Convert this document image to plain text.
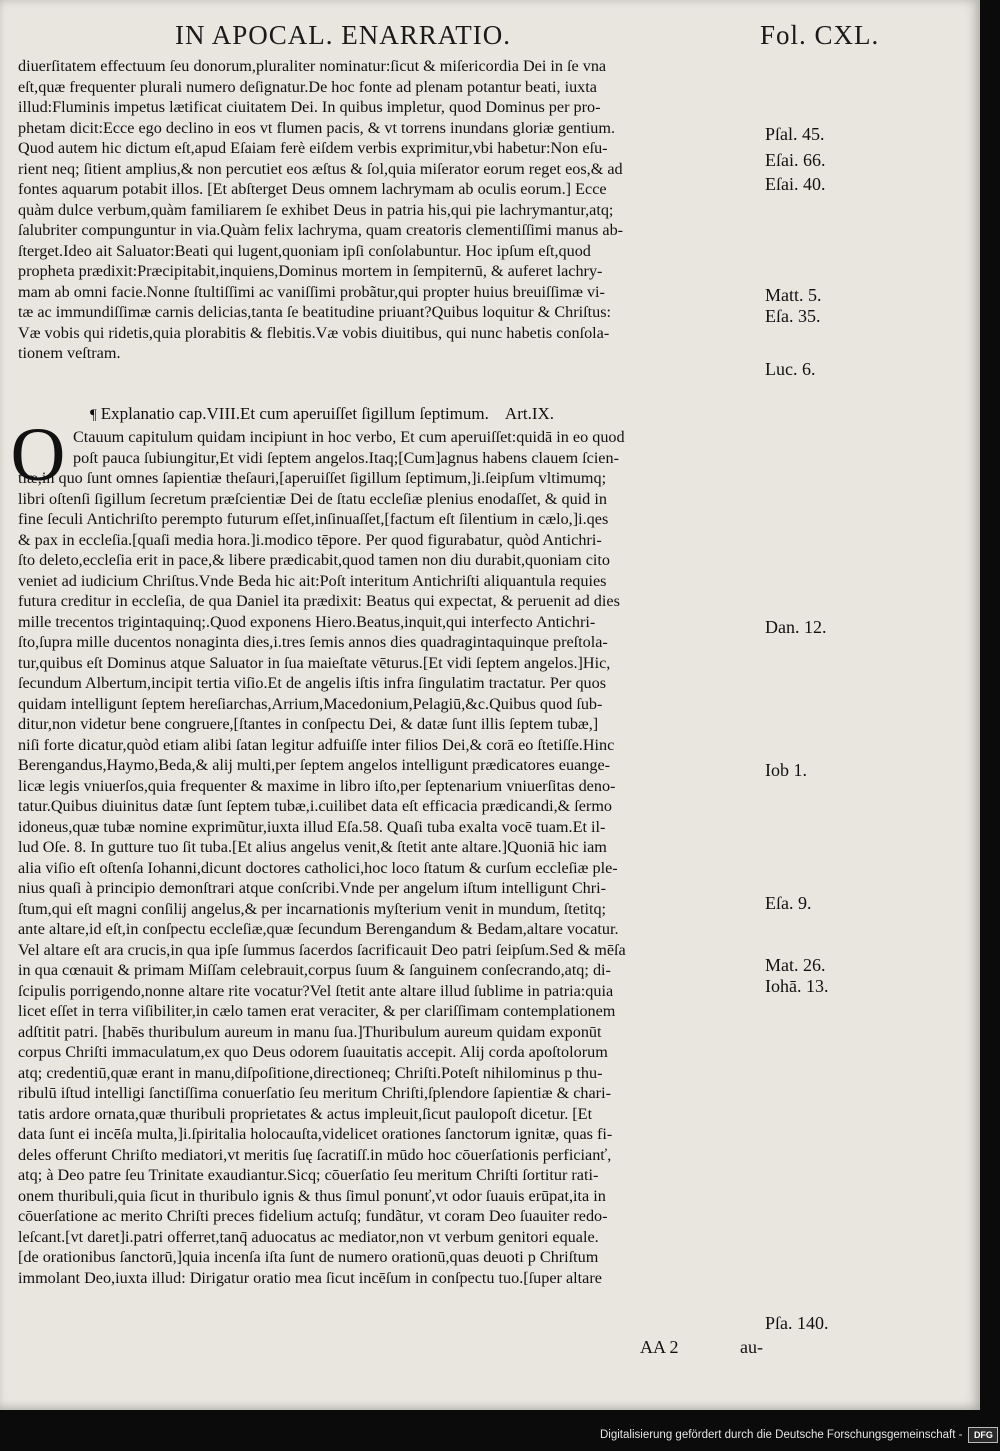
IN APOCAL. ENARRATIO.	Fol. CXL.
diuerſitatem effectuum ſeu donorum,pluraliter nominatur:ſicut & miſericordia Dei in ſe vna
eſt,quæ frequenter plurali numero deſignatur.De hoc fonte ad plenam potantur beati, iuxta
illud:Fluminis impetus lætificat ciuitatem Dei. In quibus impletur, quod Dominus per pro-
phetam dicit:Ecce ego declino in eos vt flumen pacis, & vt torrens inundans gloriæ gentium.
Quod autem hic dictum eſt,apud Eſaiam ferè eiſdem verbis exprimitur,vbi habetur:Non eſu-
rient neq; ſitient amplius,& non percutiet eos æſtus & ſol,quia miſerator eorum reget eos,& ad
fontes aquarum potabit illos. [Et abſterget Deus omnem lachrymam ab oculis eorum.] Ecce
quàm dulce verbum,quàm familiarem ſe exhibet Deus in patria his,qui pie lachrymantur,atq;
ſalubriter compunguntur in via.Quàm felix lachryma, quam creatoris clementiſſimi manus ab-
ſterget.Ideo ait Saluator:Beati qui lugent,quoniam ipſi conſolabuntur. Hoc ipſum eſt,quod
propheta prædixit:Præcipitabit,inquiens,Dominus mortem in ſempiternū, & auferet lachry-
mam ab omni facie.Nonne ſtultiſſimi ac vaniſſimi probãtur,qui propter huius breuiſſimæ vi-
tæ ac immundiſſimæ carnis delicias,tanta ſe beatitudine priuant?Quibus loquitur & Chriſtus:
Væ vobis qui ridetis,quia plorabitis & flebitis.Væ vobis diuitibus, qui nunc habetis conſola-
tionem veſtram.
¶ Explanatio cap.VIII.Et cum aperuiſſet ſigillum ſeptimum.    Art.IX.
O Ctauum capitulum quidam incipiunt in hoc verbo, Et cum aperuiſſet:quidā in eo quod
poſt pauca ſubiungitur,Et vidi ſeptem angelos.Itaq;[Cum]agnus habens clauem ſcien-
tiæ,in quo ſunt omnes ſapientiæ theſauri,[aperuiſſet ſigillum ſeptimum,]i.ſeipſum vltimumq;
libri oſtenſi ſigillum ſecretum præſcientiæ Dei de ſtatu eccleſiæ plenius enodaſſet, & quid in
fine ſeculi Antichriſto perempto futurum eſſet,inſinuaſſet,[factum eſt ſilentium in cælo,]i.qes
& pax in eccleſia.[quaſi media hora.]i.modico tēpore. Per quod figurabatur, quòd Antichri-
ſto deleto,eccleſia erit in pace,& libere prædicabit,quod tamen non diu durabit,quoniam cito
veniet ad iudicium Chriſtus.Vnde Beda hic ait:Poſt interitum Antichriſti aliquantula requies
futura creditur in eccleſia, de qua Daniel ita prædixit: Beatus qui expectat, & peruenit ad dies
mille trecentos trigintaquinq;.Quod exponens Hiero.Beatus,inquit,qui interfecto Antichri-
ſto,ſupra mille ducentos nonaginta dies,i.tres ſemis annos dies quadragintaquinque preſtola-
tur,quibus eſt Dominus atque Saluator in ſua maieſtate vēturus.[Et vidi ſeptem angelos.]Hic,
ſecundum Albertum,incipit tertia viſio.Et de angelis iſtis infra ſingulatim tractatur. Per quos
quidam intelligunt ſeptem hereſiarchas,Arrium,Macedonium,Pelagiū,&c.Quibus quod ſub-
ditur,non videtur bene congruere,[ſtantes in conſpectu Dei, & datæ ſunt illis ſeptem tubæ,]
niſi forte dicatur,quòd etiam alibi ſatan legitur adfuiſſe inter filios Dei,& corā eo ſtetiſſe.Hinc
Berengandus,Haymo,Beda,& alij multi,per ſeptem angelos intelligunt prædicatores euange-
licæ legis vniuerſos,quia frequenter & maxime in libro iſto,per ſeptenarium vniuerſitas deno-
tatur.Quibus diuinitus datæ ſunt ſeptem tubæ,i.cuilibet data eſt efficacia prædicandi,& ſermo
idoneus,quæ tubæ nomine exprimũtur,iuxta illud Eſa.58. Quaſi tuba exalta vocē tuam.Et il-
lud Oſe. 8. In gutture tuo ſit tuba.[Et alius angelus venit,& ſtetit ante altare.]Quoniā hic iam
alia viſio eſt oſtenſa Iohanni,dicunt doctores catholici,hoc loco ſtatum & curſum eccleſiæ ple-
nius quaſi à principio demonſtrari atque conſcribi.Vnde per angelum iſtum intelligunt Chri-
ſtum,qui eſt magni conſilij angelus,& per incarnationis myſterium venit in mundum, ſtetitq;
ante altare,id eſt,in conſpectu eccleſiæ,quæ ſecundum Berengandum & Bedam,altare vocatur.
Vel altare eſt ara crucis,in qua ipſe ſummus ſacerdos ſacrificauit Deo patri ſeipſum.Sed & mēſa
in qua cœnauit & primam Miſſam celebrauit,corpus ſuum & ſanguinem conſecrando,atq; di-
ſcipulis porrigendo,nonne altare rite vocatur?Vel ſtetit ante altare illud ſublime in patria:quia
licet eſſet in terra viſibiliter,in cælo tamen erat veraciter, & per clariſſimam contemplationem
adſtitit patri. [habēs thuribulum aureum in manu ſua.]Thuribulum aureum quidam exponūt
corpus Chriſti immaculatum,ex quo Deus odorem ſuauitatis accepit. Alij corda apoſtolorum
atq; credentiū,quæ erant in manu,diſpoſitione,directioneq; Chriſti.Poteſt nihilominus p thu-
ribulū iſtud intelligi ſanctiſſima conuerſatio ſeu meritum Chriſti,ſplendore ſapientiæ & chari-
tatis ardore ornata,quæ thuribuli proprietates & actus impleuit,ſicut paulopoſt dicetur. [Et
data ſunt ei incēſa multa,]i.ſpiritalia holocauſta,videlicet orationes ſanctorum ignitæ, quas fi-
deles offerunt Chriſto mediatori,vt meritis ſuę ſacratiſſ.in mūdo hoc cōuerſationis perficianť,
atq; à Deo patre ſeu Trinitate exaudiantur.Sicq; cōuerſatio ſeu meritum Chriſti ſortitur rati-
onem thuribuli,quia ſicut in thuribulo ignis & thus ſimul ponunť,vt odor ſuauis erūpat,ita in
cōuerſatione ac merito Chriſti preces fidelium actuſq; fundãtur, vt coram Deo ſuauiter redo-
leſcant.[vt daret]i.patri offerret,tanq̄ aduocatus ac mediator,non vt verbum genitori equale.
[de orationibus ſanctorū,]quia incenſa iſta ſunt de numero orationū,quas deuoti p Chriſtum
immolant Deo,iuxta illud: Dirigatur oratio mea ſicut incēſum in conſpectu tuo.[ſuper altare
Pſal. 45.
Eſai. 66.
Eſai. 40.
Matt. 5.
Eſa. 35.
Luc. 6.
Dan. 12.
Iob 1.
Eſa. 9.
Mat. 26.
Iohā. 13.
Pſa. 140.
AA 2	au-
Digitalisierung gefördert durch die Deutsche Forschungsgemeinschaft - DFG
